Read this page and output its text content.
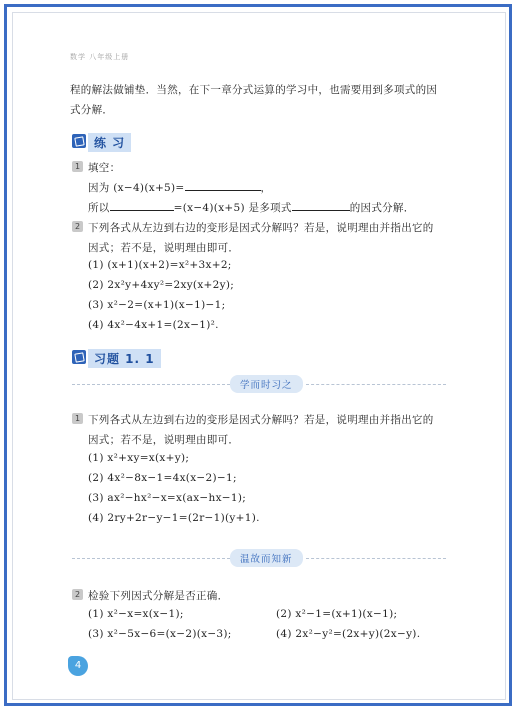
数学 八年级上册
程的解法做铺垫．当然，在下一章分式运算的学习中，也需要用到多项式的因
式分解．
练 习
1 填空：
因为 (x−4)(x+5)=	，
所以	=(x−4)(x+5) 是多项式	的因式分解．
2 下列各式从左边到右边的变形是因式分解吗？若是，说明理由并指出它的
因式；若不是，说明理由即可．
(1) (x+1)(x+2)=x²+3x+2;
(2) 2x²y+4xy²=2xy(x+2y);
(3) x²−2=(x+1)(x−1)−1;
(4) 4x²−4x+1=(2x−1)².
习题 1. 1
学而时习之
1 下列各式从左边到右边的变形是因式分解吗？若是，说明理由并指出它的
因式；若不是，说明理由即可．
(1) x²+xy=x(x+y);
(2) 4x²−8x−1=4x(x−2)−1;
(3) ax²−hx²−x=x(ax−hx−1);
(4) 2ry+2r−y−1=(2r−1)(y+1).
温故而知新
2 检验下列因式分解是否正确．
(1) x²−x=x(x−1);	(2) x²−1=(x+1)(x−1);
(3) x²−5x−6=(x−2)(x−3);	(4) 2x²−y²=(2x+y)(2x−y).
4
